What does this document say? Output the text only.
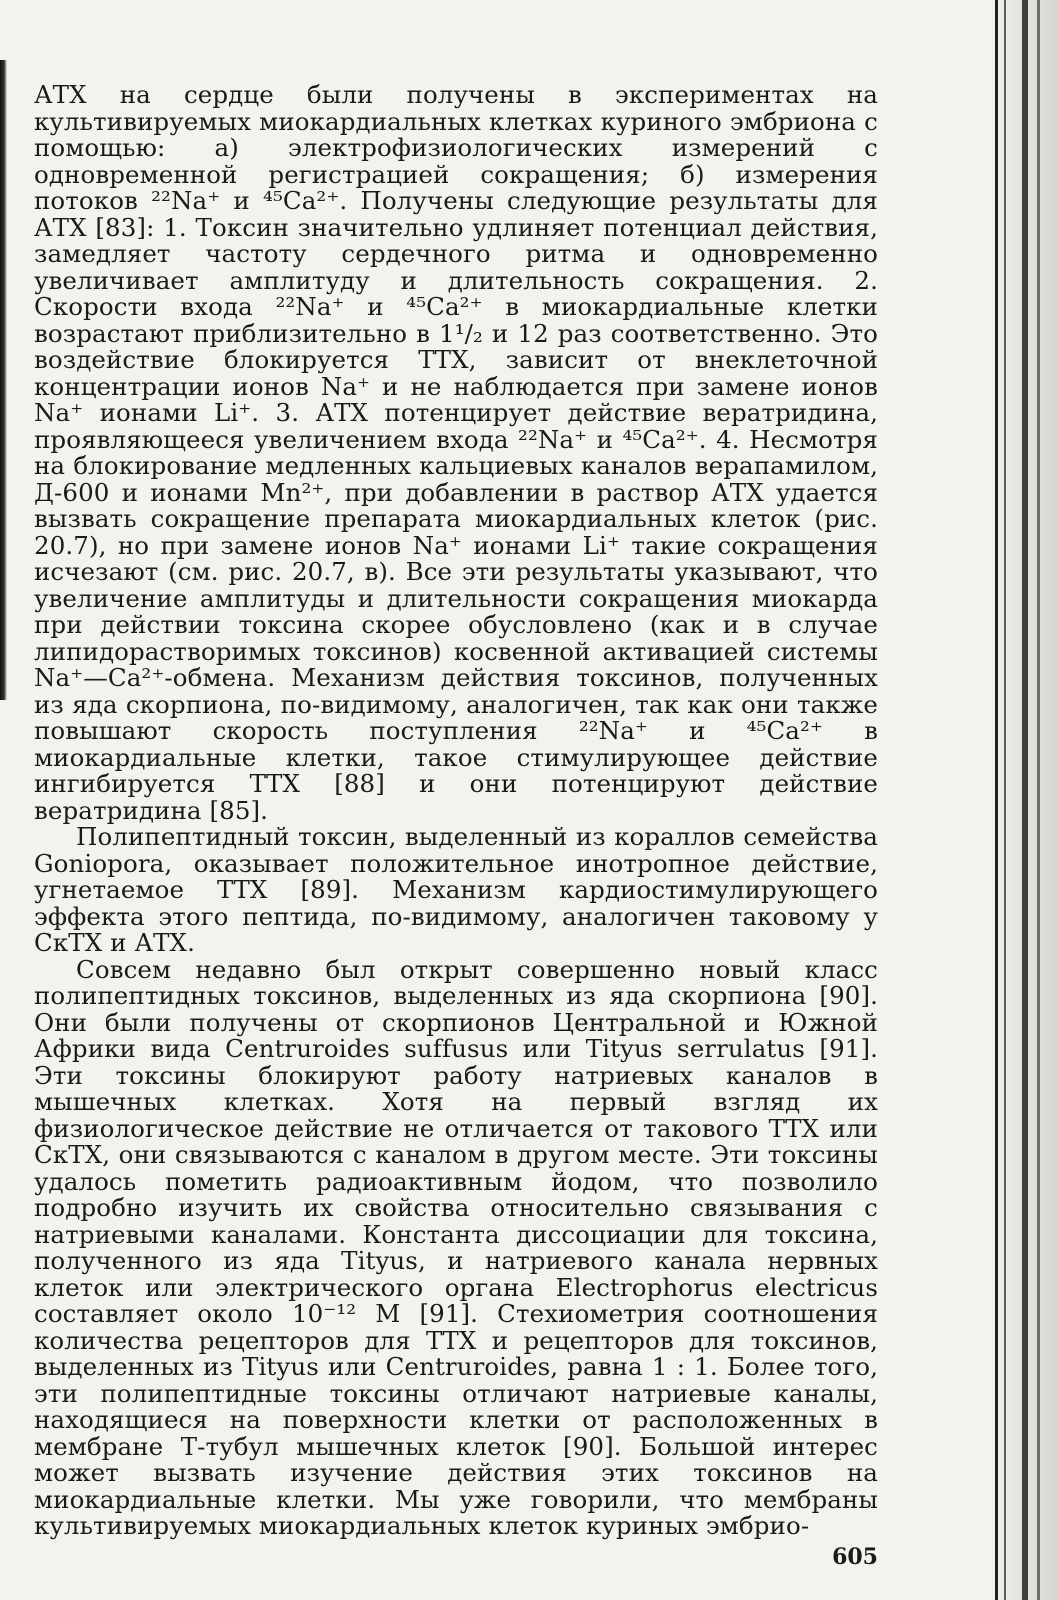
АТХ на сердце были получены в экспериментах на культивируемых миокардиальных клетках куриного эмбриона с помощью: а) электрофизиологических измерений с одновременной регистрацией сокращения; б) измерения потоков ²²Na⁺ и ⁴⁵Ca²⁺. Получены следующие результаты для АТХ [83]: 1. Токсин значительно удлиняет потенциал действия, замедляет частоту сердечного ритма и одновременно увеличивает амплитуду и длительность сокращения. 2. Скорости входа ²²Na⁺ и ⁴⁵Ca²⁺ в миокардиальные клетки возрастают приблизительно в 1¹/₂ и 12 раз соответственно. Это воздействие блокируется ТТХ, зависит от внеклеточной концентрации ионов Na⁺ и не наблюдается при замене ионов Na⁺ ионами Li⁺. 3. АТХ потенцирует действие вератридина, проявляющееся увеличением входа ²²Na⁺ и ⁴⁵Ca²⁺. 4. Несмотря на блокирование медленных кальциевых каналов верапамилом, Д-600 и ионами Mn²⁺, при добавлении в раствор АТХ удается вызвать сокращение препарата миокардиальных клеток (рис. 20.7), но при замене ионов Na⁺ ионами Li⁺ такие сокращения исчезают (см. рис. 20.7, в). Все эти результаты указывают, что увеличение амплитуды и длительности сокращения миокарда при действии токсина скорее обусловлено (как и в случае липидорастворимых токсинов) косвенной активацией системы Na⁺—Ca²⁺-обмена. Механизм действия токсинов, полученных из яда скорпиона, по-видимому, аналогичен, так как они также повышают скорость поступления ²²Na⁺ и ⁴⁵Ca²⁺ в миокардиальные клетки, такое стимулирующее действие ингибируется ТТХ [88] и они потенцируют действие вератридина [85].

Полипептидный токсин, выделенный из кораллов семейства Goniopora, оказывает положительное инотропное действие, угнетаемое ТТХ [89]. Механизм кардиостимулирующего эффекта этого пептида, по-видимому, аналогичен таковому у СкТХ и АТХ.

Совсем недавно был открыт совершенно новый класс полипептидных токсинов, выделенных из яда скорпиона [90]. Они были получены от скорпионов Центральной и Южной Африки вида Centruroides suffusus или Tityus serrulatus [91]. Эти токсины блокируют работу натриевых каналов в мышечных клетках. Хотя на первый взгляд их физиологическое действие не отличается от такового ТТХ или СкТХ, они связываются с каналом в другом месте. Эти токсины удалось пометить радиоактивным йодом, что позволило подробно изучить их свойства относительно связывания с натриевыми каналами. Константа диссоциации для токсина, полученного из яда Tityus, и натриевого канала нервных клеток или электрического органа Electrophorus electricus составляет около 10⁻¹² М [91]. Стехиометрия соотношения количества рецепторов для ТТХ и рецепторов для токсинов, выделенных из Tityus или Centruroides, равна 1 : 1. Более того, эти полипептидные токсины отличают натриевые каналы, находящиеся на поверхности клетки от расположенных в мембране Т-тубул мышечных клеток [90]. Большой интерес может вызвать изучение действия этих токсинов на миокардиальные клетки. Мы уже говорили, что мембраны культивируемых миокардиальных клеток куриных эмбрио-

605
